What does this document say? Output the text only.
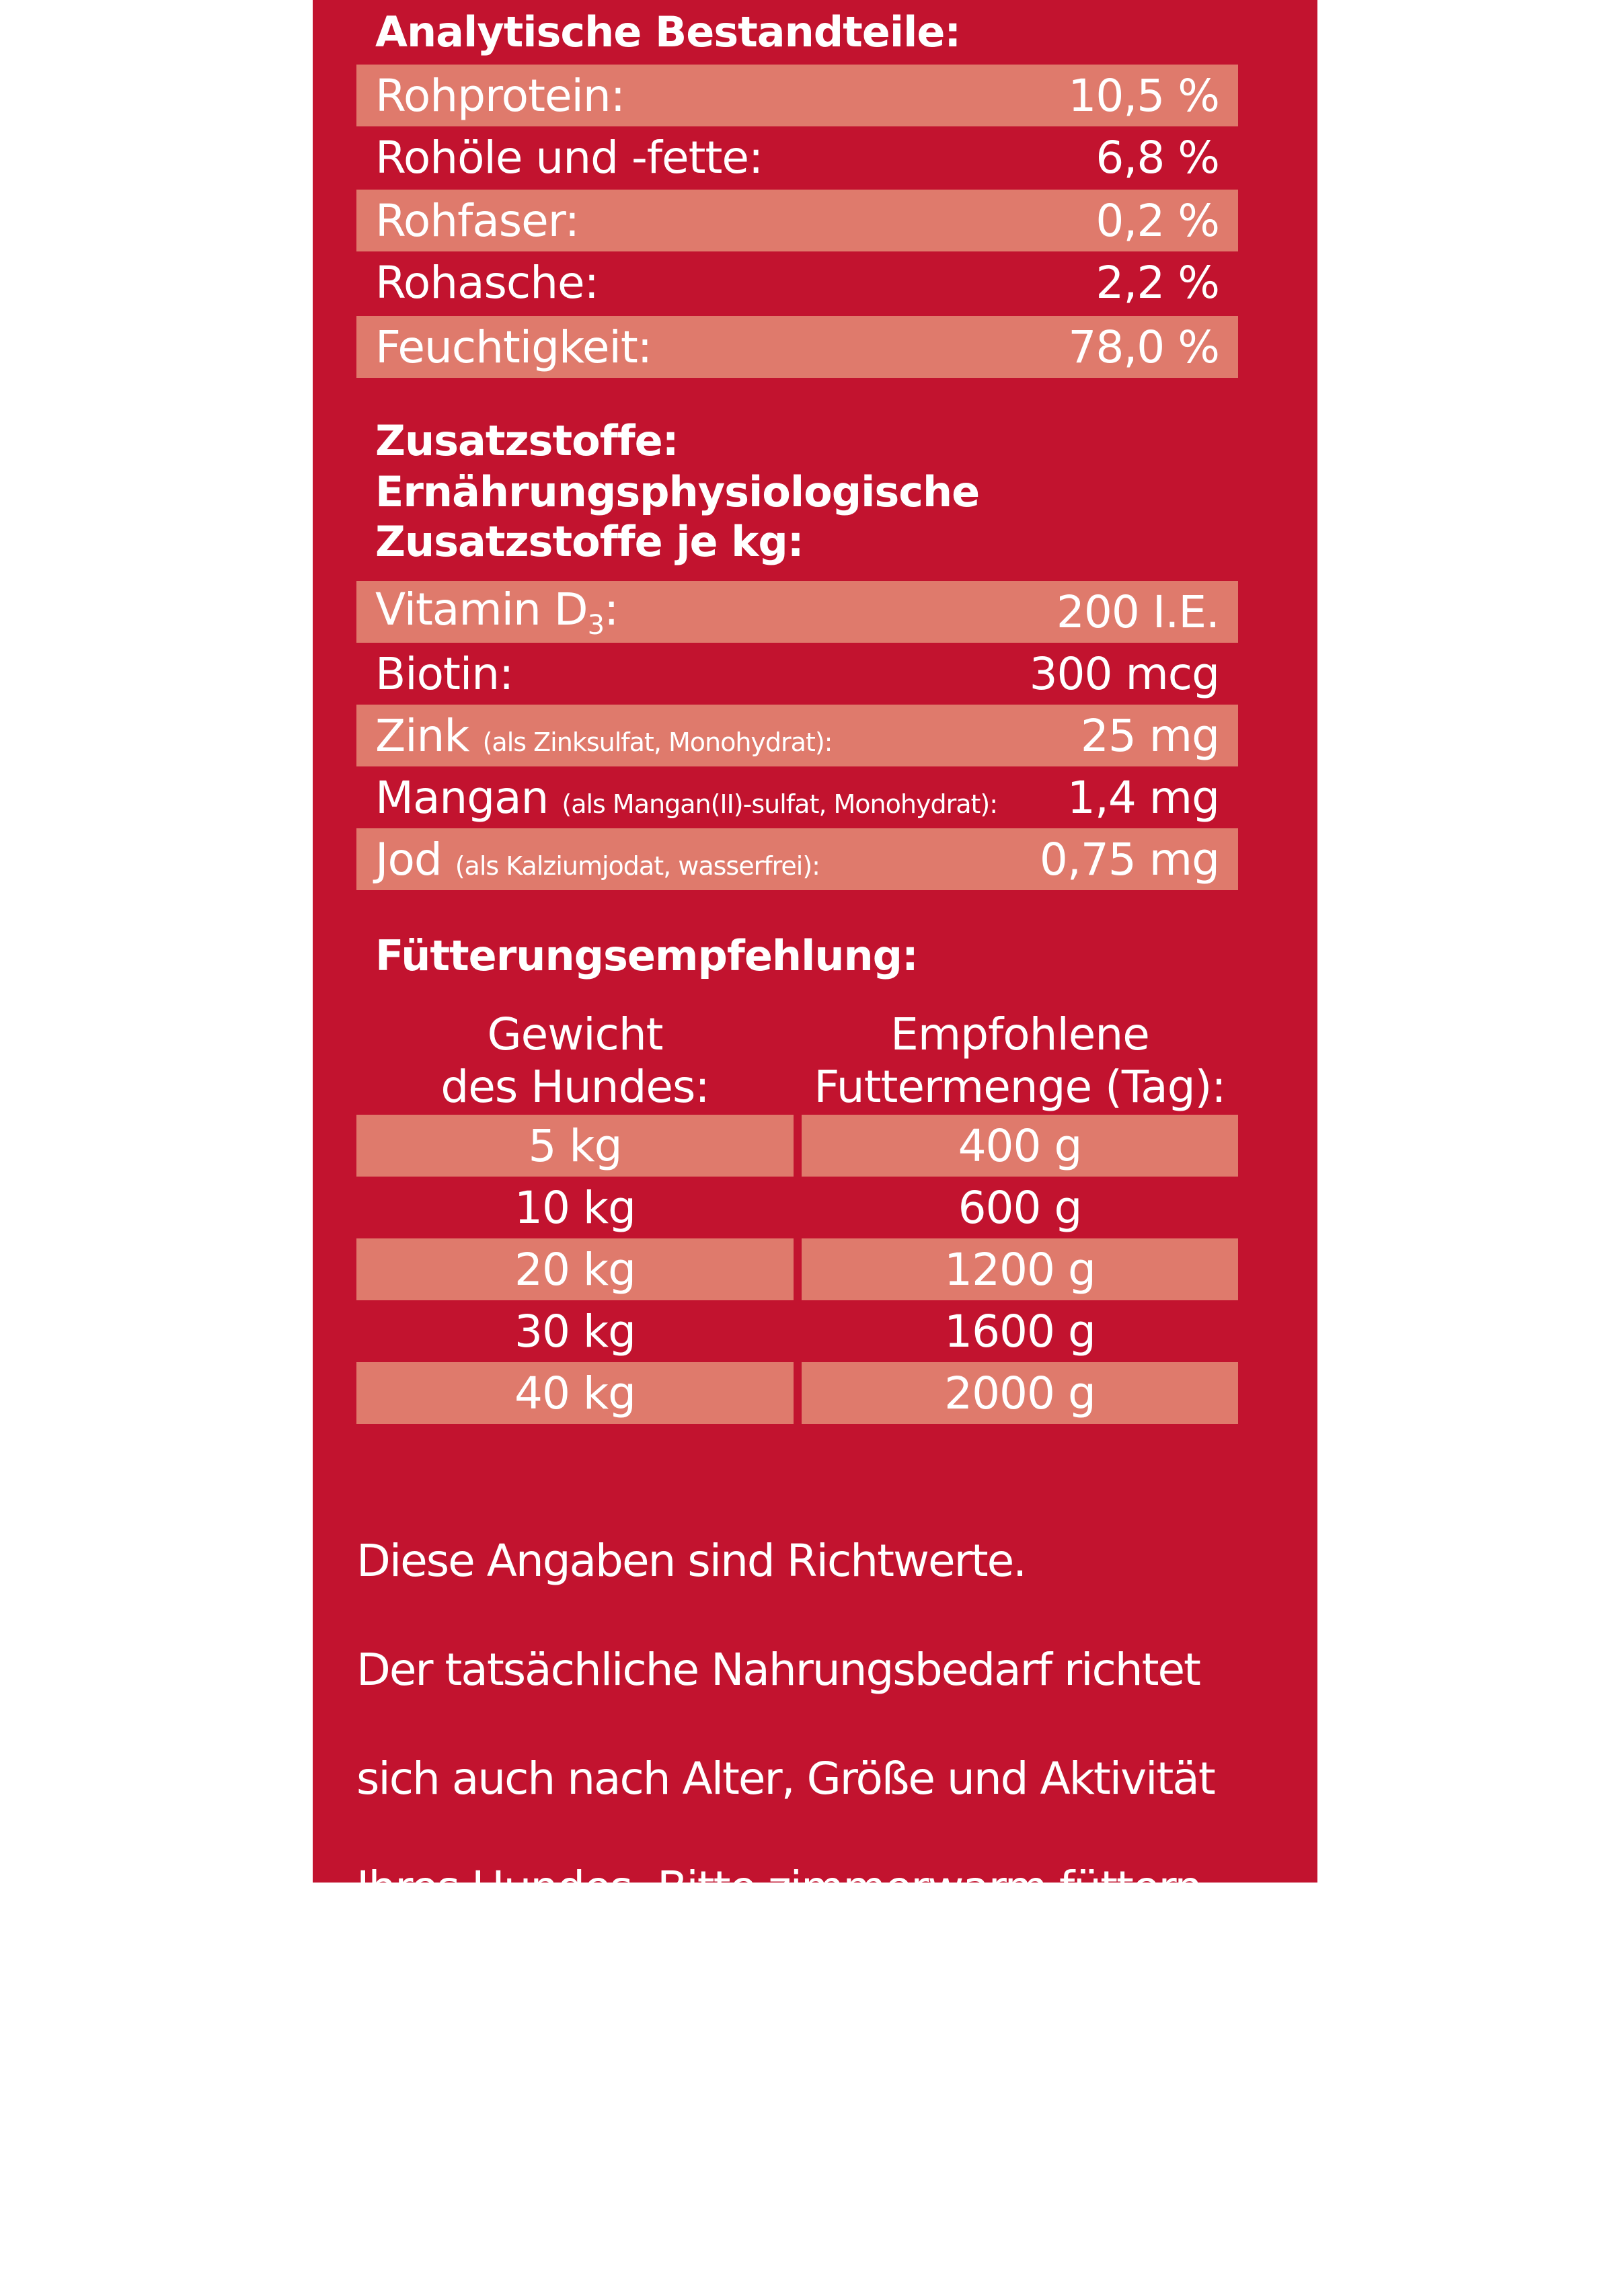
Analytische Bestandteile:
Rohprotein:	10,5 %
Rohöle und -fette:	6,8 %
Rohfaser:	0,2 %
Rohasche:	2,2 %
Feuchtigkeit:	78,0 %
Zusatzstoffe:
Ernährungsphysiologische
Zusatzstoffe je kg:
Vitamin $D_3$:	200 I.E.
Biotin:	300 mcg
Zink (als Zinksulfat, Monohydrat):	25 mg
Mangan (als Mangan(II)-sulfat, Monohydrat): 1,4 mg
Jod (als Kalziumjodat, wasserfrei):	0,75 mg
Fütterungsempfehlung:
Gewicht
des Hundes:
Empfohlene
Futtermenge (Tag):
5 kg	400 g
10 kg	600 g
20 kg	1200 g
30 kg	1600 g
40 kg	2000 g

Diese Angaben sind Richtwerte.

Der tatsächliche Nahrungsbedarf richtet

sich auch nach Alter, Größe und Aktivität

Ihres Hundes. Bitte zimmerwarm füttern.

Nach dem Öffnen kühl aufbewahren.

Bitte sorgen Sie dafür, dass Ihrem Tier stets

frisches Trinkwasser zur Verfügung steht.
